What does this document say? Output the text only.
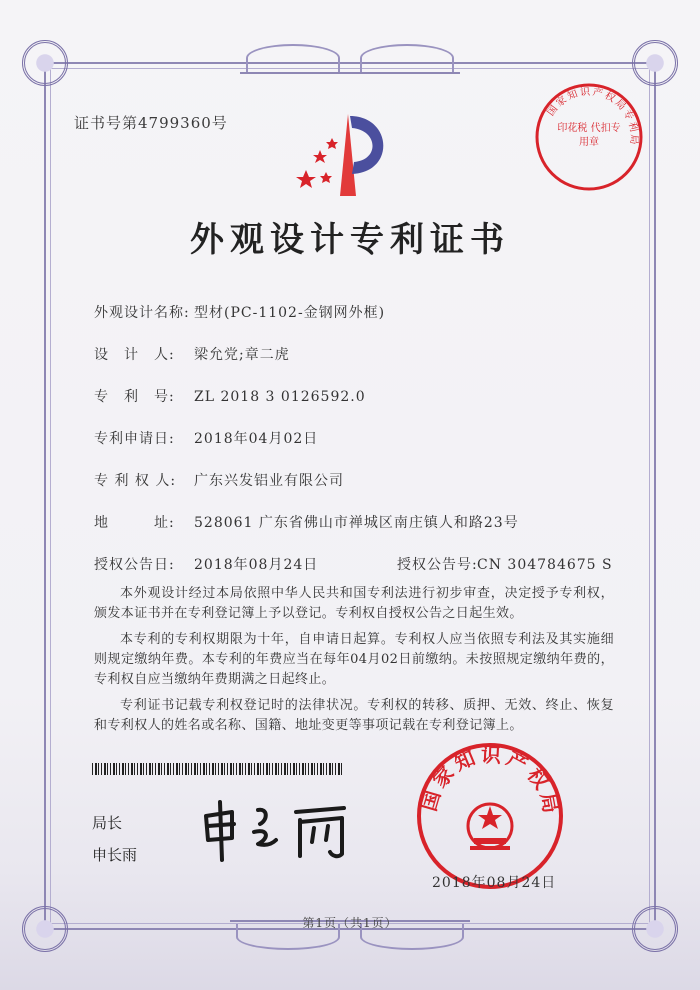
证书号第4799360号
国家知识产权局专利局
印花税 代扣专用章
外观设计专利证书
外观设计名称: 型材(PC-1102-金钢网外框)
设　计　人: 梁允党;章二虎
专　利　号: ZL 2018 3 0126592.0
专利申请日: 2018年04月02日
专 利 权 人: 广东兴发铝业有限公司
地　　　址: 528061 广东省佛山市禅城区南庄镇人和路23号
授权公告日: 2018年08月24日	授权公告号:CN 304784675 S

本外观设计经过本局依照中华人民共和国专利法进行初步审查，决定授予专利权，颁发本证书并在专利登记簿上予以登记。专利权自授权公告之日起生效。

本专利的专利权期限为十年，自申请日起算。专利权人应当依照专利法及其实施细则规定缴纳年费。本专利的年费应当在每年04月02日前缴纳。未按照规定缴纳年费的，专利权自应当缴纳年费期满之日起终止。

专利证书记载专利权登记时的法律状况。专利权的转移、质押、无效、终止、恢复和专利权人的姓名或名称、国籍、地址变更等事项记载在专利登记簿上。

局长
申长雨
国家知识产权局
2018年08月24日
第1页（共1页）
